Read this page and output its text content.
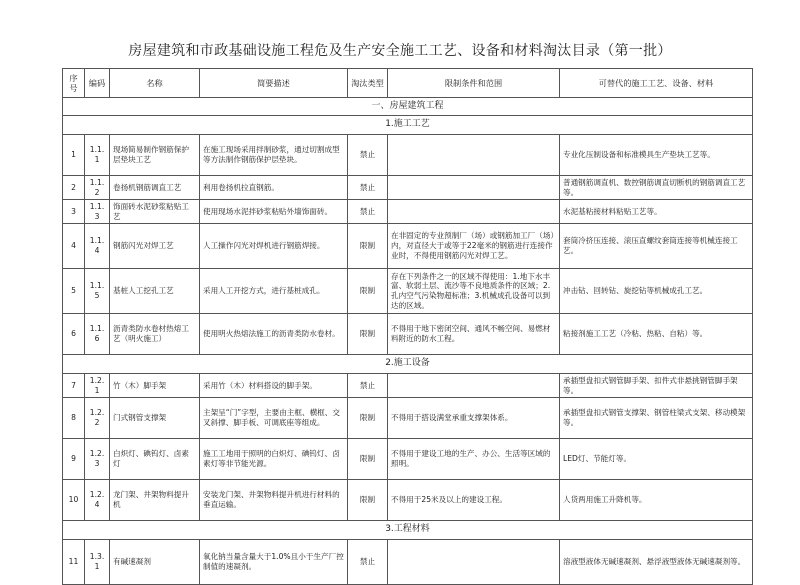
房屋建筑和市政基础设施工程危及生产安全施工工艺、设备和材料淘汰目录（第一批）
序号	编码	名称	简要描述	淘汰类型	限制条件和范围	可替代的施工工艺、设备、材料
一、房屋建筑工程						
1.施工工艺						
1	1.1.1	现场简易制作钢筋保护层垫块工艺	在施工现场采用拌制砂浆，通过切割成型等方法制作钢筋保护层垫块。	禁止		专业化压制设备和标准模具生产垫块工艺等。
2	1.1.2	卷扬机钢筋调直工艺	利用卷扬机拉直钢筋。	禁止		普通钢筋调直机、数控钢筋调直切断机的钢筋调直工艺等。
3	1.1.3	饰面砖水泥砂浆粘贴工艺	使用现场水泥拌砂浆粘贴外墙饰面砖。	禁止		水泥基粘接材料粘贴工艺等。
4	1.1.4	钢筋闪光对焊工艺	人工操作闪光对焊机进行钢筋焊接。	限制	在非固定的专业预制厂（场）或钢筋加工厂（场）内，对直径大于或等于22毫米的钢筋进行连接作业时，不得使用钢筋闪光对焊工艺。	套筒冷挤压连接、滚压直螺纹套筒连接等机械连接工艺。
5	1.1.5	基桩人工挖孔工艺	采用人工开挖方式，进行基桩成孔。	限制	存在下列条件之一的区域不得使用：1.地下水丰富、软弱土层、流沙等不良地质条件的区域；2.孔内空气污染物超标准；3.机械成孔设备可以到达的区域。	冲击钻、回转钻、旋挖钻等机械成孔工艺。
6	1.1.6	沥青类防水卷材热熔工艺（明火施工）	使用明火热熔法施工的沥青类防水卷材。	限制	不得用于地下密闭空间、通风不畅空间、易燃材料附近的防水工程。	粘接剂施工工艺（冷粘、热粘、自粘）等。
2.施工设备						
7	1.2.1	竹（木）脚手架	采用竹（木）材料搭设的脚手架。	禁止		承插型盘扣式钢管脚手架、扣件式非悬挑钢管脚手架等。
8	1.2.2	门式钢管支撑架	主架呈“门”字型，主要由主框、横框、交叉斜撑、脚手板、可调底座等组成。	限制	不得用于搭设满堂承重支撑架体系。	承插型盘扣式钢管支撑架、钢管柱梁式支架、移动模架等。
9	1.2.3	白炽灯、碘钨灯、卤素灯	施工工地用于照明的白炽灯、碘钨灯、卤素灯等非节能光源。	限制	不得用于建设工地的生产、办公、生活等区域的照明。	LED灯、节能灯等。
10	1.2.4	龙门架、井架物料提升机	安装龙门架、井架物料提升机进行材料的垂直运输。	限制	不得用于25米及以上的建设工程。	人货两用施工升降机等。
3.工程材料						
11	1.3.1	有碱速凝剂	氧化钠当量含量大于1.0%且小于生产厂控制值的速凝剂。	禁止		溶液型液体无碱速凝剂、悬浮液型液体无碱速凝剂等。
